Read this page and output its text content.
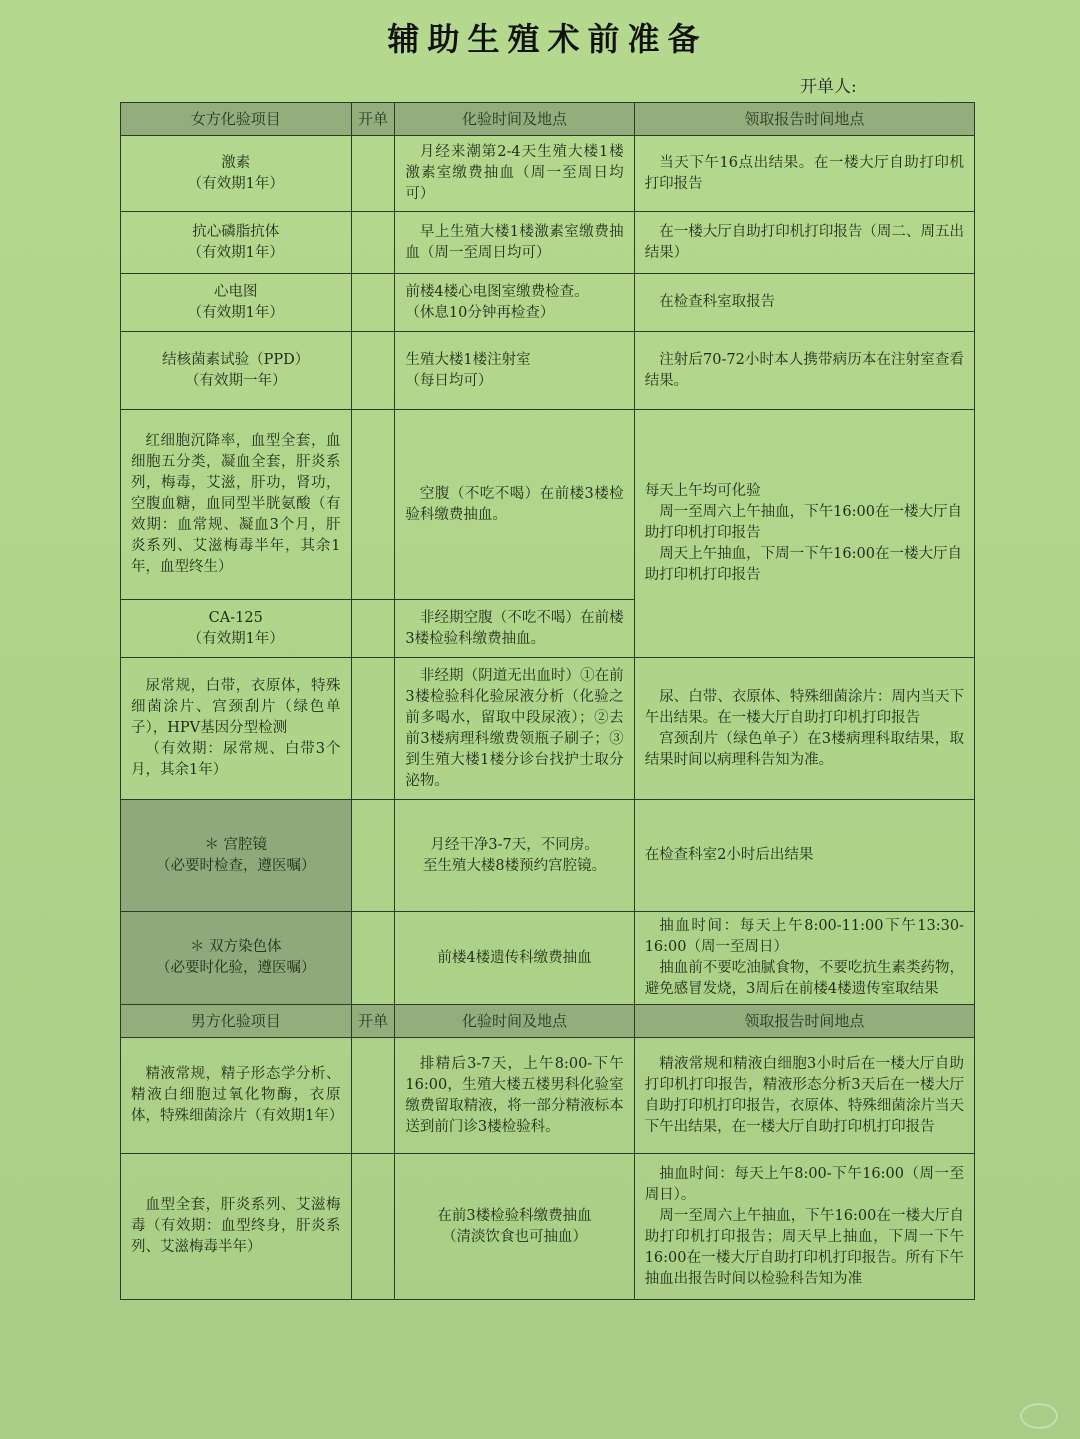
辅助生殖术前准备
开单人:
女方化验项目	开单	化验时间及地点	领取报告时间地点

激素
（有效期1年）		月经来潮第2-4天生殖大楼1楼激素室缴费抽血（周一至周日均可）	当天下午16点出结果。在一楼大厅自助打印机打印报告

抗心磷脂抗体
（有效期1年）		早上生殖大楼1楼激素室缴费抽血（周一至周日均可）	在一楼大厅自助打印机打印报告（周二、周五出结果）

心电图
（有效期1年）		前楼4楼心电图室缴费检查。
（休息10分钟再检查）	在检查科室取报告

结核菌素试验（PPD）
（有效期一年）		生殖大楼1楼注射室
（每日均可）	注射后70-72小时本人携带病历本在注射室查看结果。
红细胞沉降率，血型全套，血细胞五分类，凝血全套，肝炎系列，梅毒，艾滋，肝功，肾功，空腹血糖，血同型半胱氨酸（有效期：血常规、凝血3个月，肝炎系列、艾滋梅毒半年，其余1年，血型终生）		空腹（不吃不喝）在前楼3楼检验科缴费抽血。	每天上午均可化验
周一至周六上午抽血，下午16:00在一楼大厅自助打印机打印报告
周天上午抽血，下周一下午16:00在一楼大厅自助打印机打印报告

CA-125
（有效期1年）		非经期空腹（不吃不喝）在前楼3楼检验科缴费抽血。	

尿常规，白带，衣原体，特殊细菌涂片、宫颈刮片（绿色单子），HPV基因分型检测
（有效期：尿常规、白带3个月，其余1年）		非经期（阴道无出血时）①在前3楼检验科化验尿液分析（化验之前多喝水，留取中段尿液）；②去前3楼病理科缴费领瓶子刷子；③到生殖大楼1楼分诊台找护士取分泌物。	尿、白带、衣原体、特殊细菌涂片：周内当天下午出结果。在一楼大厅自助打印机打印报告
宫颈刮片（绿色单子）在3楼病理科取结果，取结果时间以病理科告知为准。

＊ 宫腔镜
（必要时检查，遵医嘱）		月经干净3-7天，不同房。
至生殖大楼8楼预约宫腔镜。	在检查科室2小时后出结果

＊ 双方染色体
（必要时化验，遵医嘱）		前楼4楼遗传科缴费抽血	抽血时间：每天上午8:00-11:00下午13:30-16:00（周一至周日）
抽血前不要吃油腻食物，不要吃抗生素类药物，避免感冒发烧，3周后在前楼4楼遗传室取结果

男方化验项目	开单	化验时间及地点	领取报告时间地点
精液常规，精子形态学分析、精液白细胞过氧化物酶，衣原体，特殊细菌涂片（有效期1年）		排精后3-7天，上午8:00-下午16:00，生殖大楼五楼男科化验室缴费留取精液，将一部分精液标本送到前门诊3楼检验科。	精液常规和精液白细胞3小时后在一楼大厅自助打印机打印报告，精液形态分析3天后在一楼大厅自助打印机打印报告，衣原体、特殊细菌涂片当天下午出结果，在一楼大厅自助打印机打印报告
血型全套，肝炎系列、艾滋梅毒（有效期：血型终身，肝炎系列、艾滋梅毒半年）		在前3楼检验科缴费抽血
（清淡饮食也可抽血）	抽血时间：每天上午8:00-下午16:00（周一至周日）。
周一至周六上午抽血，下午16:00在一楼大厅自助打印机打印报告；周天早上抽血，下周一下午16:00在一楼大厅自助打印机打印报告。所有下午抽血出报告时间以检验科告知为准
